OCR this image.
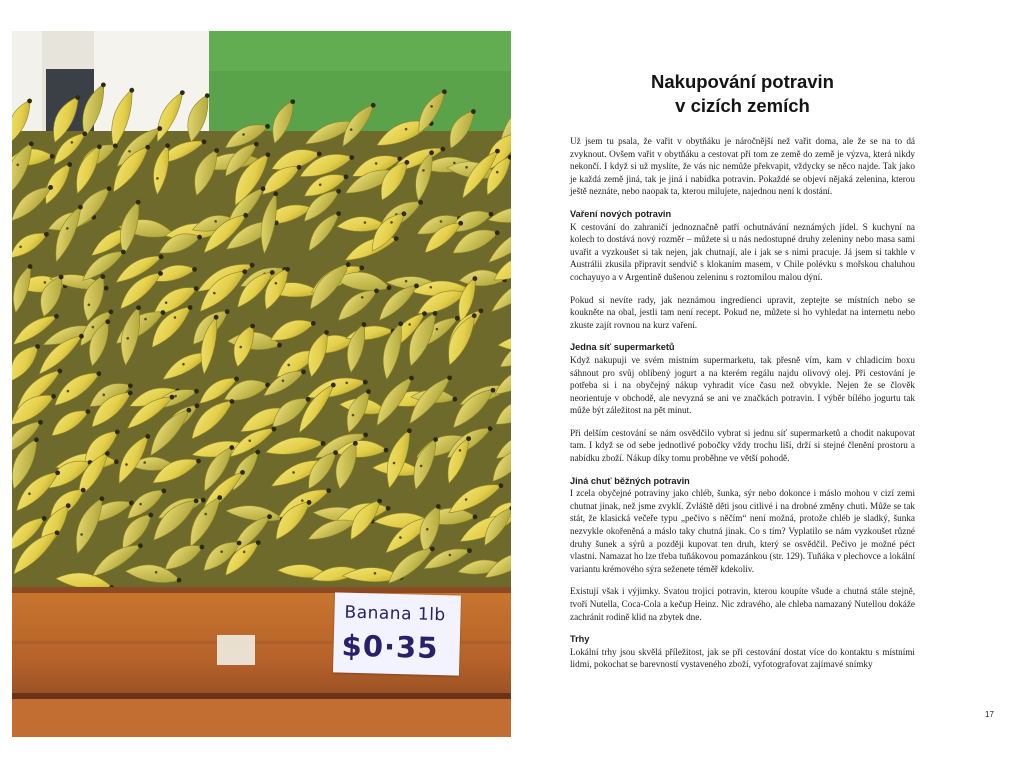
Banana 1lb
$0·35
Nakupování potravin
v cizích zemích

Už jsem tu psala, že vařit v obytňáku je náročnější než vařit doma, ale že se na to dá zvyknout. Ovšem vařit v obytňáku a cestovat při tom ze země do země je výzva, která nikdy nekončí. I když si už myslíte, že vás nic nemůže překvapit, vždycky se něco najde. Tak jako je každá země jiná, tak je jiná i nabídka potravin. Pokaždé se objeví nějaká zelenina, kterou ještě neznáte, nebo naopak ta, kterou milujete, najednou není k dostání.

Vaření nových potravin

K cestování do zahraničí jednoznačně patří ochutnávání neznámých jídel. S kuchyní na kolech to dostává nový rozměr – můžete si u nás nedostupné druhy zeleniny nebo masa sami uvařit a vyzkoušet si tak nejen, jak chutnají, ale i jak se s nimi pracuje. Já jsem si takhle v Austrálii zkusila připravit sendvič s klokaním masem, v Chile polévku s mořskou chaluhou cochayuyo a v Argentině dušenou zeleninu s roztomilou malou dýní.

Pokud si nevíte rady, jak neznámou ingredienci upravit, zeptejte se místních nebo se koukněte na obal, jestli tam není recept. Pokud ne, můžete si ho vyhledat na internetu nebo zkuste zajít rovnou na kurz vaření.

Jedna síť supermarketů

Když nakupuji ve svém místním supermarketu, tak přesně vím, kam v chladicím boxu sáhnout pro svůj oblíbený jogurt a na kterém regálu najdu olivový olej. Při cestování je potřeba si i na obyčejný nákup vyhradit více času než obvykle. Nejen že se člověk neorientuje v obchodě, ale nevyzná se ani ve značkách potravin. I výběr bílého jogurtu tak může být záležitost na pět minut.

Při delším cestování se nám osvědčilo vybrat si jednu síť supermarketů a chodit nakupovat tam. I když se od sebe jednotlivé pobočky vždy trochu liší, drží si stejné členění prostoru a nabídku zboží. Nákup díky tomu proběhne ve větší pohodě.

Jiná chuť běžných potravin

I zcela obyčejné potraviny jako chléb, šunka, sýr nebo dokonce i máslo mohou v cizí zemi chutnat jinak, než jsme zvyklí. Zvláště děti jsou citlivé i na drobné změny chuti. Může se tak stát, že klasická večeře typu „pečivo s něčím“ není možná, protože chléb je sladký, šunka nezvykle okořeněná a máslo taky chutná jinak. Co s tím? Vyplatilo se nám vyzkoušet různé druhy šunek a sýrů a později kupovat ten druh, který se osvědčil. Pečivo je možné péct vlastní. Namazat ho lze třeba tuňákovou pomazánkou (str. 129). Tuňáka v plechovce a lokální variantu krémového sýra seženete téměř kdekoliv.

Existují však i výjimky. Svatou trojici potravin, kterou koupíte všude a chutná stále stejně, tvoří Nutella, Coca-Cola a kečup Heinz. Nic zdravého, ale chleba namazaný Nutellou dokáže zachránit rodině klid na zbytek dne.

Trhy

Lokální trhy jsou skvělá příležitost, jak se při cestování dostat více do kontaktu s místními lidmi, pokochat se barevností vystaveného zboží, vyfotografovat zajímavé snímky

17
